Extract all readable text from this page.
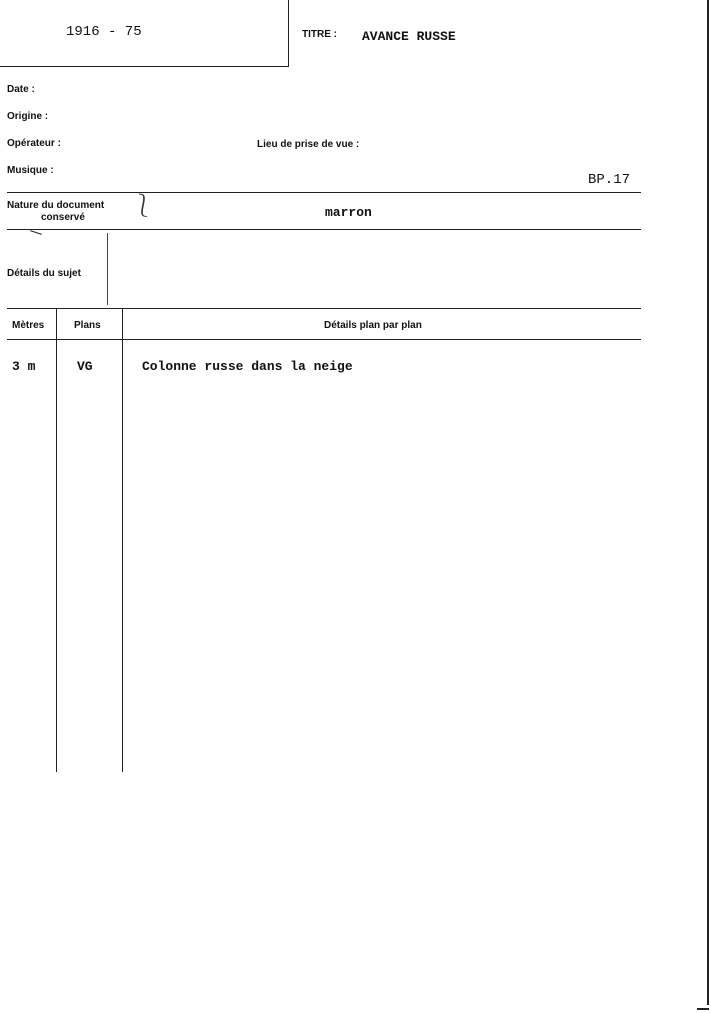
1916 - 75	TITRE : AVANCE RUSSE
Date :
Origine :
Opérateur :	Lieu de prise de vue :
Musique :
BP.17
Nature du document
conservé ⎱	marron
Détails du sujet
Mètres	Plans	Détails plan par plan
3 m	VG	Colonne russe dans la neige
